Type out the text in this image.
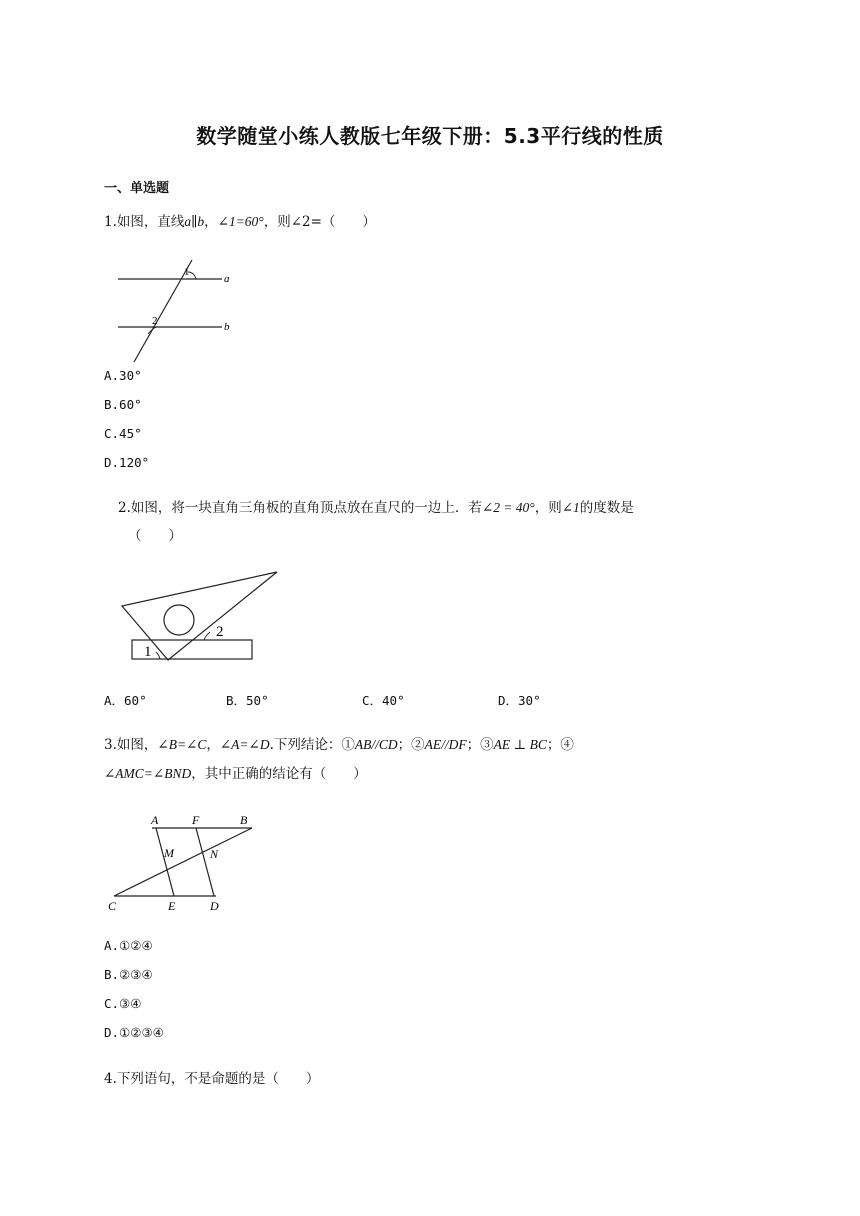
数学随堂小练人教版七年级下册：5.3平行线的性质
一、单选题
1.如图，直线a∥b，∠1=60°，则∠2=（　　）
1
2
a
b
A.30°
B.60°
C.45°
D.120°
2.如图，将一块直角三角板的直角顶点放在直尺的一边上．若∠2 = 40°，则∠1的度数是
（　　）
2
1
A．60°	B．50°	C．40°	D．30°
3.如图，∠B=∠C，∠A=∠D.下列结论：①AB//CD；②AE//DF；③AE ⊥ BC；④
∠AMC=∠BND，其中正确的结论有（　　）
A	F	B
M	N
C	E	D
A.①②④
B.②③④
C.③④
D.①②③④
4.下列语句，不是命题的是（　　）
